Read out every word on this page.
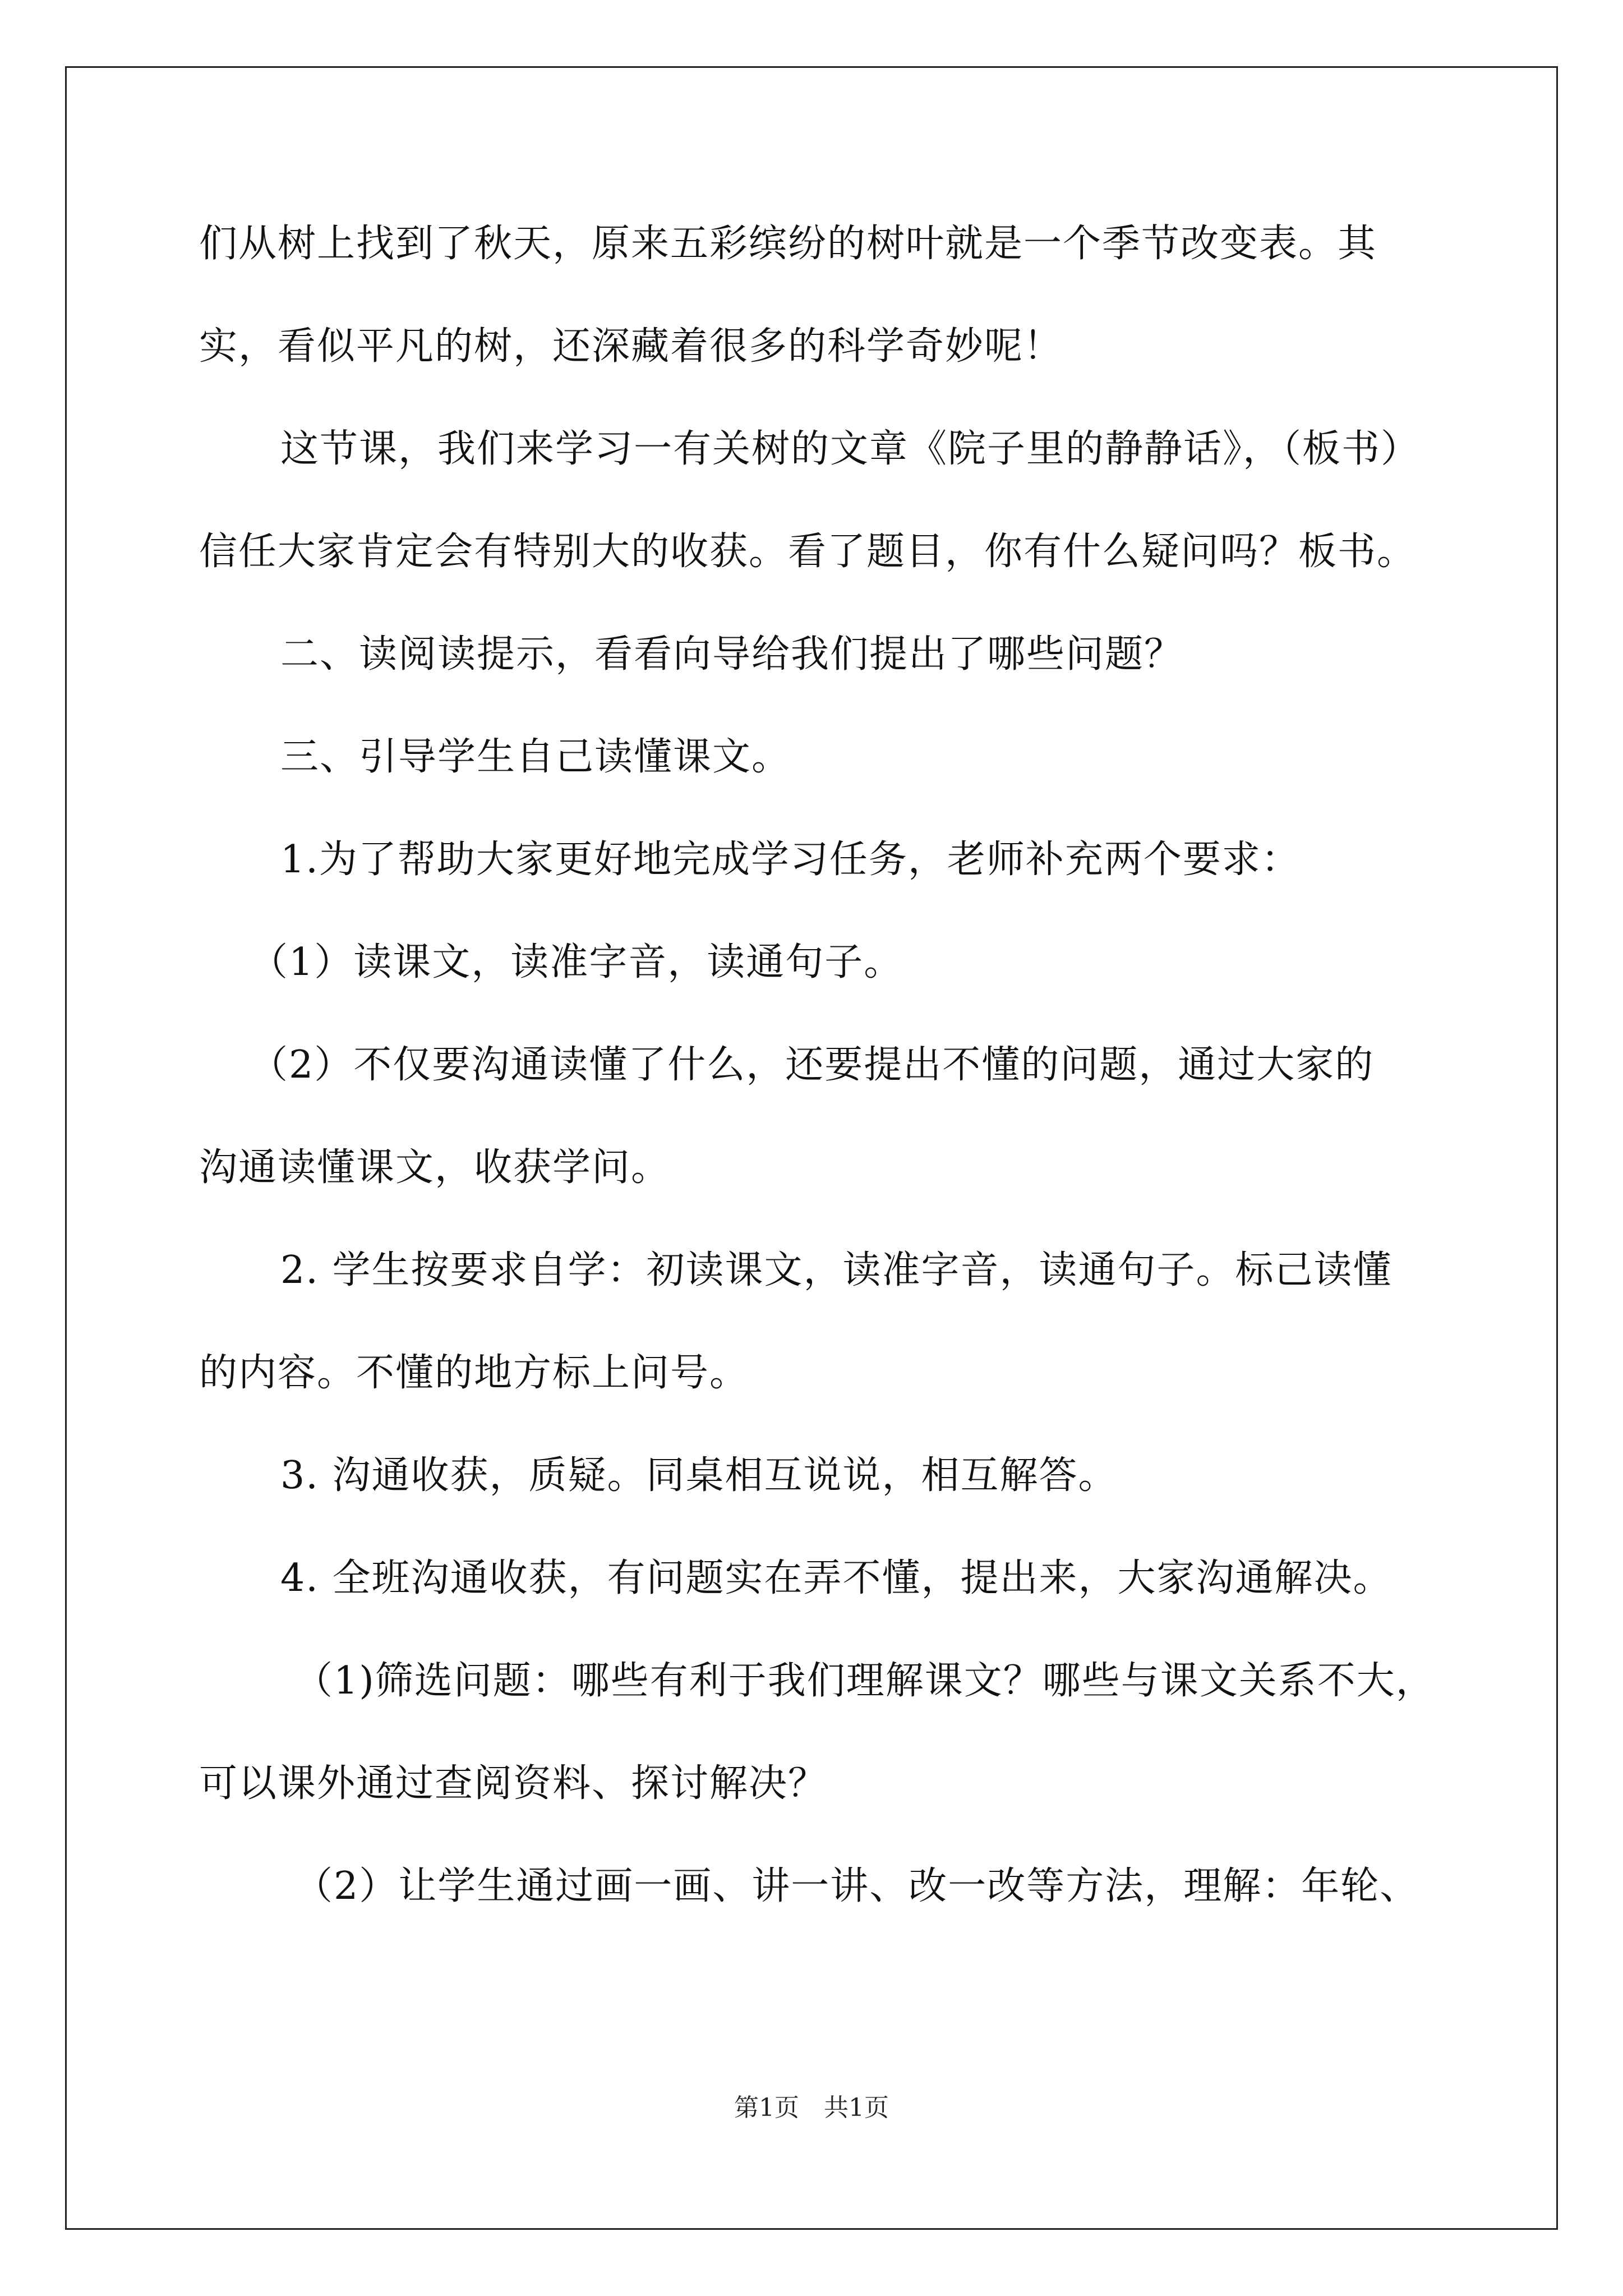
们从树上找到了秋天，原来五彩缤纷的树叶就是一个季节改变表。其
实，看似平凡的树，还深藏着很多的科学奇妙呢！
这节课，我们来学习一有关树的文章《院子里的静静话》，（板书）
信任大家肯定会有特别大的收获。看了题目，你有什么疑问吗？板书。
二、读阅读提示，看看向导给我们提出了哪些问题？
三、引导学生自己读懂课文。
1.为了帮助大家更好地完成学习任务，老师补充两个要求：
（1）读课文，读准字音，读通句子。
（2）不仅要沟通读懂了什么，还要提出不懂的问题，通过大家的
沟通读懂课文，收获学问。
2. 学生按要求自学：初读课文，读准字音，读通句子。标己读懂
的内容。不懂的地方标上问号。
3. 沟通收获，质疑。同桌相互说说，相互解答。
4. 全班沟通收获，有问题实在弄不懂，提出来，大家沟通解决。
（1)筛选问题：哪些有利于我们理解课文？哪些与课文关系不大，
可以课外通过查阅资料、探讨解决？
（2）让学生通过画一画、讲一讲、改一改等方法，理解：年轮、
第1页　共1页
